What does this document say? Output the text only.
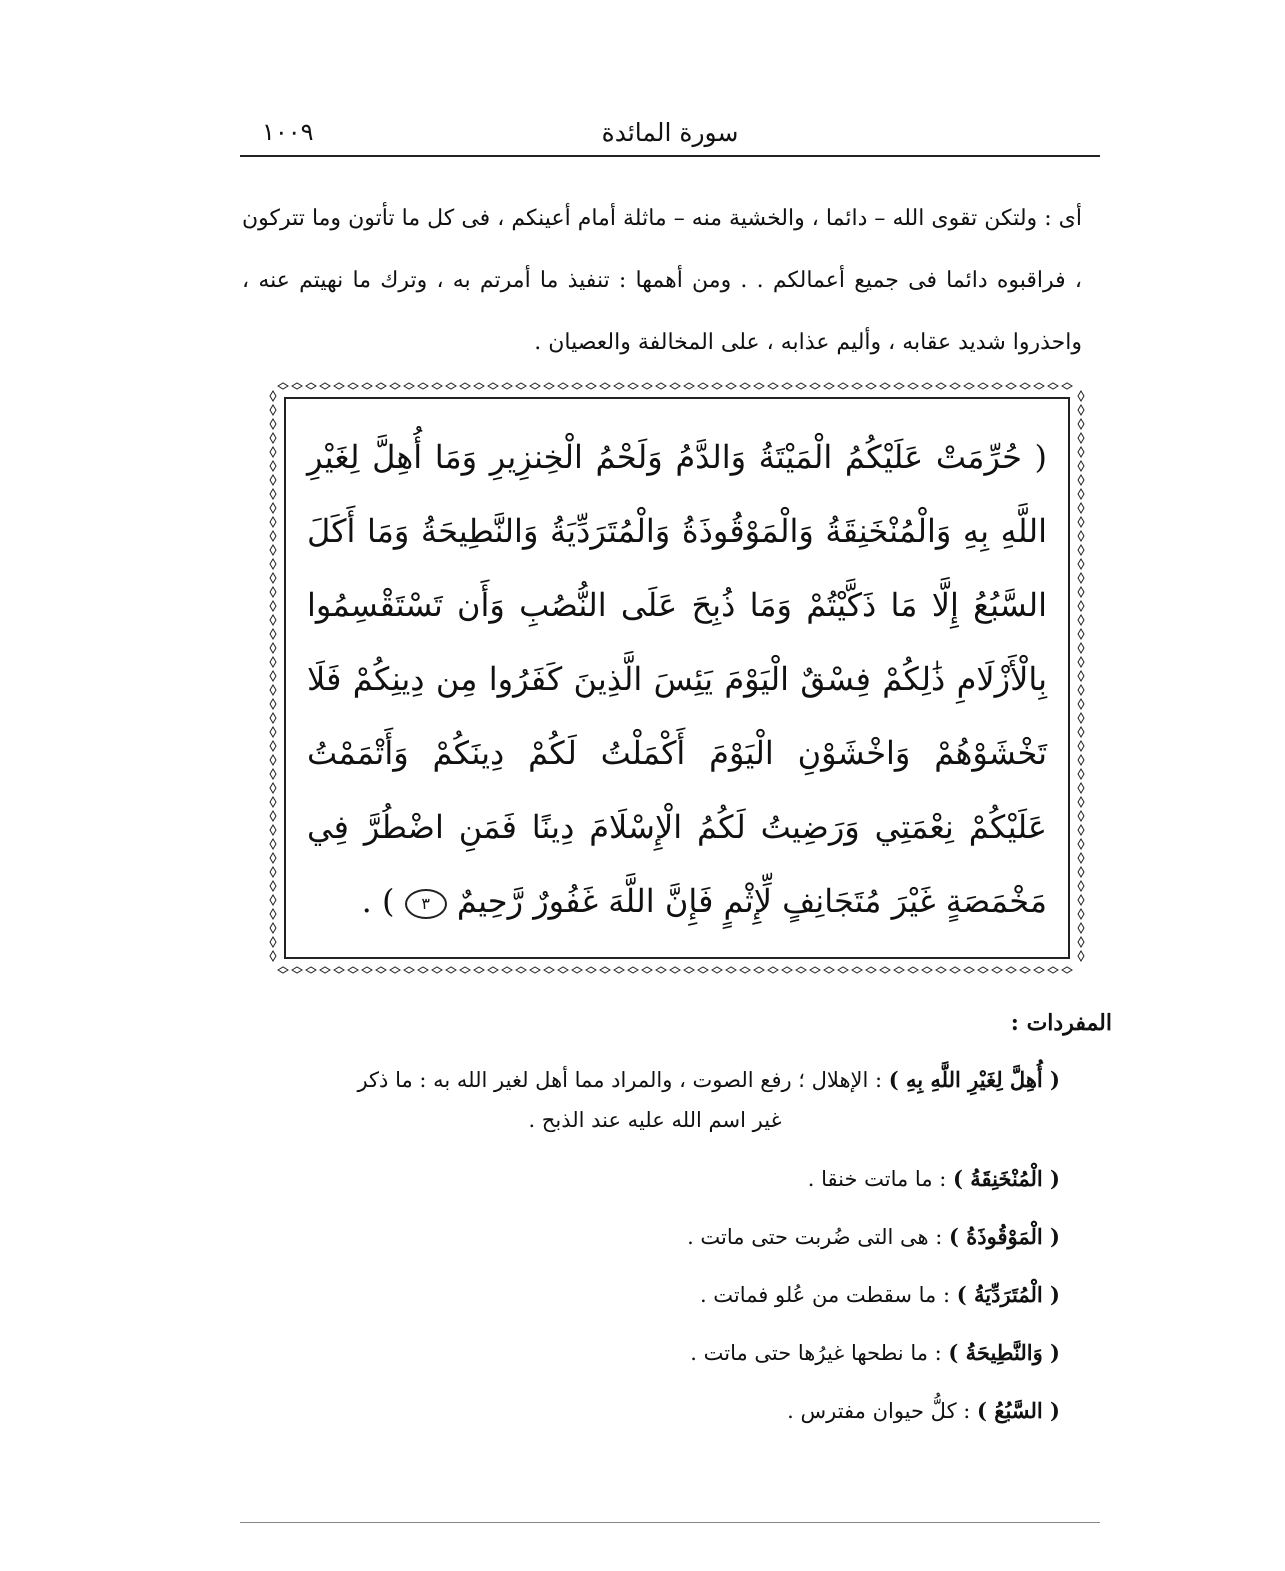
سورة المائدة
١٠٠٩

أى : ولتكن تقوى الله – دائما ، والخشية منه – ماثلة أمام أعينكم ، فى كل ما تأتون وما تتركون ، فراقبوه دائما فى جميع أعمالكم . . ومن أهمها : تنفيذ ما أمرتم به ، وترك ما نهيتم عنه ، واحذروا شديد عقابه ، وأليم عذابه ، على المخالفة والعصيان .

( حُرِّمَتْ عَلَيْكُمُ الْمَيْتَةُ وَالدَّمُ وَلَحْمُ الْخِنزِيرِ وَمَا أُهِلَّ لِغَيْرِ اللَّهِ بِهِ وَالْمُنْخَنِقَةُ وَالْمَوْقُوذَةُ وَالْمُتَرَدِّيَةُ وَالنَّطِيحَةُ وَمَا أَكَلَ السَّبُعُ إِلَّا مَا ذَكَّيْتُمْ وَمَا ذُبِحَ عَلَى النُّصُبِ وَأَن تَسْتَقْسِمُوا بِالْأَزْلَامِ ذَٰلِكُمْ فِسْقٌ الْيَوْمَ يَئِسَ الَّذِينَ كَفَرُوا مِن دِينِكُمْ فَلَا تَخْشَوْهُمْ وَاخْشَوْنِ الْيَوْمَ أَكْمَلْتُ لَكُمْ دِينَكُمْ وَأَتْمَمْتُ عَلَيْكُمْ نِعْمَتِي وَرَضِيتُ لَكُمُ الْإِسْلَامَ دِينًا فَمَنِ اضْطُرَّ فِي مَخْمَصَةٍ غَيْرَ مُتَجَانِفٍ لِّإِثْمٍ فَإِنَّ اللَّهَ غَفُورٌ رَّحِيمٌ ٣ ) .
المفردات :
( أُهِلَّ لِغَيْرِ اللَّهِ بِهِ ) : الإهلال ؛ رفع الصوت ، والمراد مما أهل لغير الله به : ما ذكر
غير اسم الله عليه عند الذبح .
( الْمُنْخَنِقَةُ ) : ما ماتت خنقا .
( الْمَوْقُوذَةُ ) : هى التى ضُربت حتى ماتت .
( الْمُتَرَدِّيَةُ ) : ما سقطت من عُلو فماتت .
( وَالنَّطِيحَةُ ) : ما نطحها غيرُها حتى ماتت .
( السَّبُعُ ) : كلُّ حيوان مفترس .
